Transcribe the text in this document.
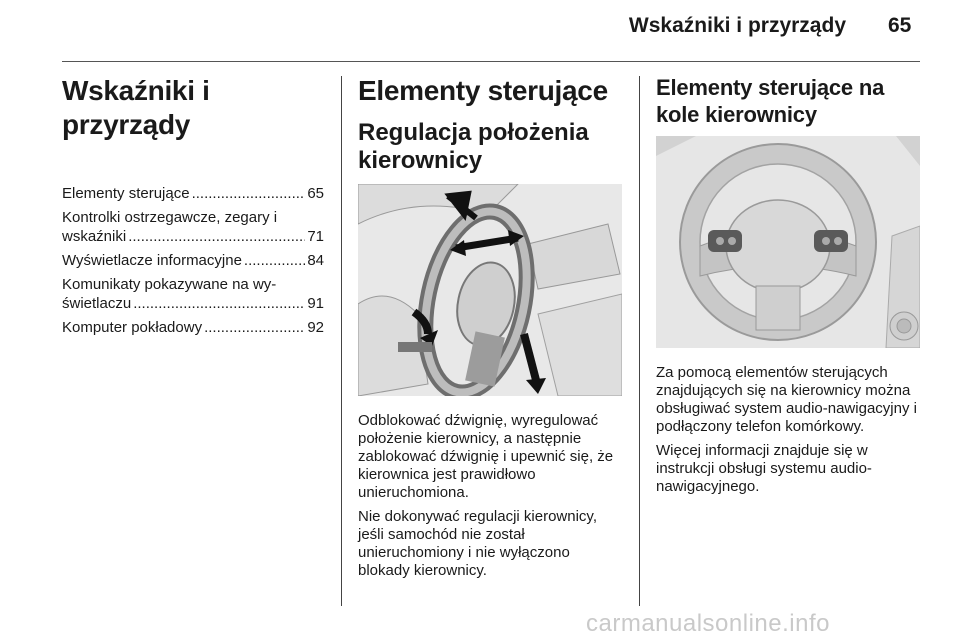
Wskaźniki i przyrządy 65
Wskaźniki i przyrządy
Elementy sterujące .....	65
Kontrolki ostrzegawcze, zegary i
wskaźniki .....	71
Wyświetlacze informacyjne .....	84
Komunikaty pokazywane na wy-
świetlaczu .....	91
Komputer pokładowy .....	92
Elementy sterujące
Regulacja położenia kierownicy

Odblokować dźwignię, wyregulować położenie kierownicy, a następnie zablokować dźwignię i upewnić się, że kierownica jest prawidłowo unieruchomiona.

Nie dokonywać regulacji kierownicy, jeśli samochód nie został unieruchomiony i nie wyłączono blokady kierownicy.

Elementy sterujące na kole kierownicy

Za pomocą elementów sterujących znajdujących się na kierownicy można obsługiwać system audio-nawigacyjny i podłączony telefon komórkowy.

Więcej informacji znajduje się w instrukcji obsługi systemu audio-nawigacyjnego.

carmanualsonline.info
